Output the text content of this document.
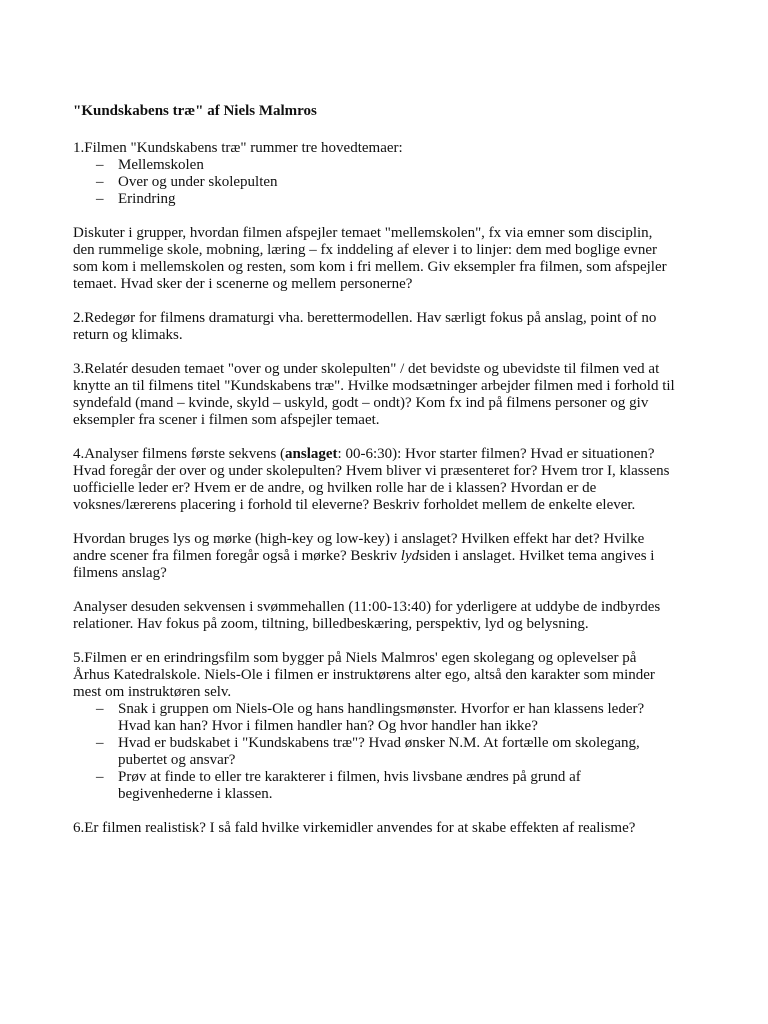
"Kundskabens træ" af Niels Malmros

1.Filmen "Kundskabens træ" rummer tre hovedtemaer:

– Mellemskolen
– Over og under skolepulten
– Erindring

Diskuter i grupper, hvordan filmen afspejler temaet "mellemskolen", fx via emner som disciplin,

den rummelige skole, mobning, læring – fx inddeling af elever i to linjer: dem med boglige evner

som kom i mellemskolen og resten, som kom i fri mellem. Giv eksempler fra filmen, som afspejler

temaet. Hvad sker der i scenerne og mellem personerne?

2.Redegør for filmens dramaturgi vha. berettermodellen. Hav særligt fokus på anslag, point of no

return og klimaks.

3.Relatér desuden temaet "over og under skolepulten" / det bevidste og ubevidste til filmen ved at

knytte an til filmens titel "Kundskabens træ". Hvilke modsætninger arbejder filmen med i forhold til

syndefald (mand – kvinde, skyld – uskyld, godt – ondt)? Kom fx ind på filmens personer og giv

eksempler fra scener i filmen som afspejler temaet.

4.Analyser filmens første sekvens (anslaget: 00-6:30): Hvor starter filmen? Hvad er situationen?

Hvad foregår der over og under skolepulten? Hvem bliver vi præsenteret for? Hvem tror I, klassens

uofficielle leder er? Hvem er de andre, og hvilken rolle har de i klassen? Hvordan er de

voksnes/lærerens placering i forhold til eleverne? Beskriv forholdet mellem de enkelte elever.

Hvordan bruges lys og mørke (high-key og low-key) i anslaget? Hvilken effekt har det? Hvilke

andre scener fra filmen foregår også i mørke? Beskriv lydsiden i anslaget. Hvilket tema angives i

filmens anslag?

Analyser desuden sekvensen i svømmehallen (11:00-13:40) for yderligere at uddybe de indbyrdes

relationer. Hav fokus på zoom, tiltning, billedbeskæring, perspektiv, lyd og belysning.

5.Filmen er en erindringsfilm som bygger på Niels Malmros' egen skolegang og oplevelser på

Århus Katedralskole. Niels-Ole i filmen er instruktørens alter ego, altså den karakter som minder

mest om instruktøren selv.

– Snak i gruppen om Niels-Ole og hans handlingsmønster. Hvorfor er han klassens leder?
Hvad kan han? Hvor i filmen handler han? Og hvor handler han ikke?
– Hvad er budskabet i "Kundskabens træ"? Hvad ønsker N.M. At fortælle om skolegang,
pubertet og ansvar?
– Prøv at finde to eller tre karakterer i filmen, hvis livsbane ændres på grund af
begivenhederne i klassen.

6.Er filmen realistisk? I så fald hvilke virkemidler anvendes for at skabe effekten af realisme?
